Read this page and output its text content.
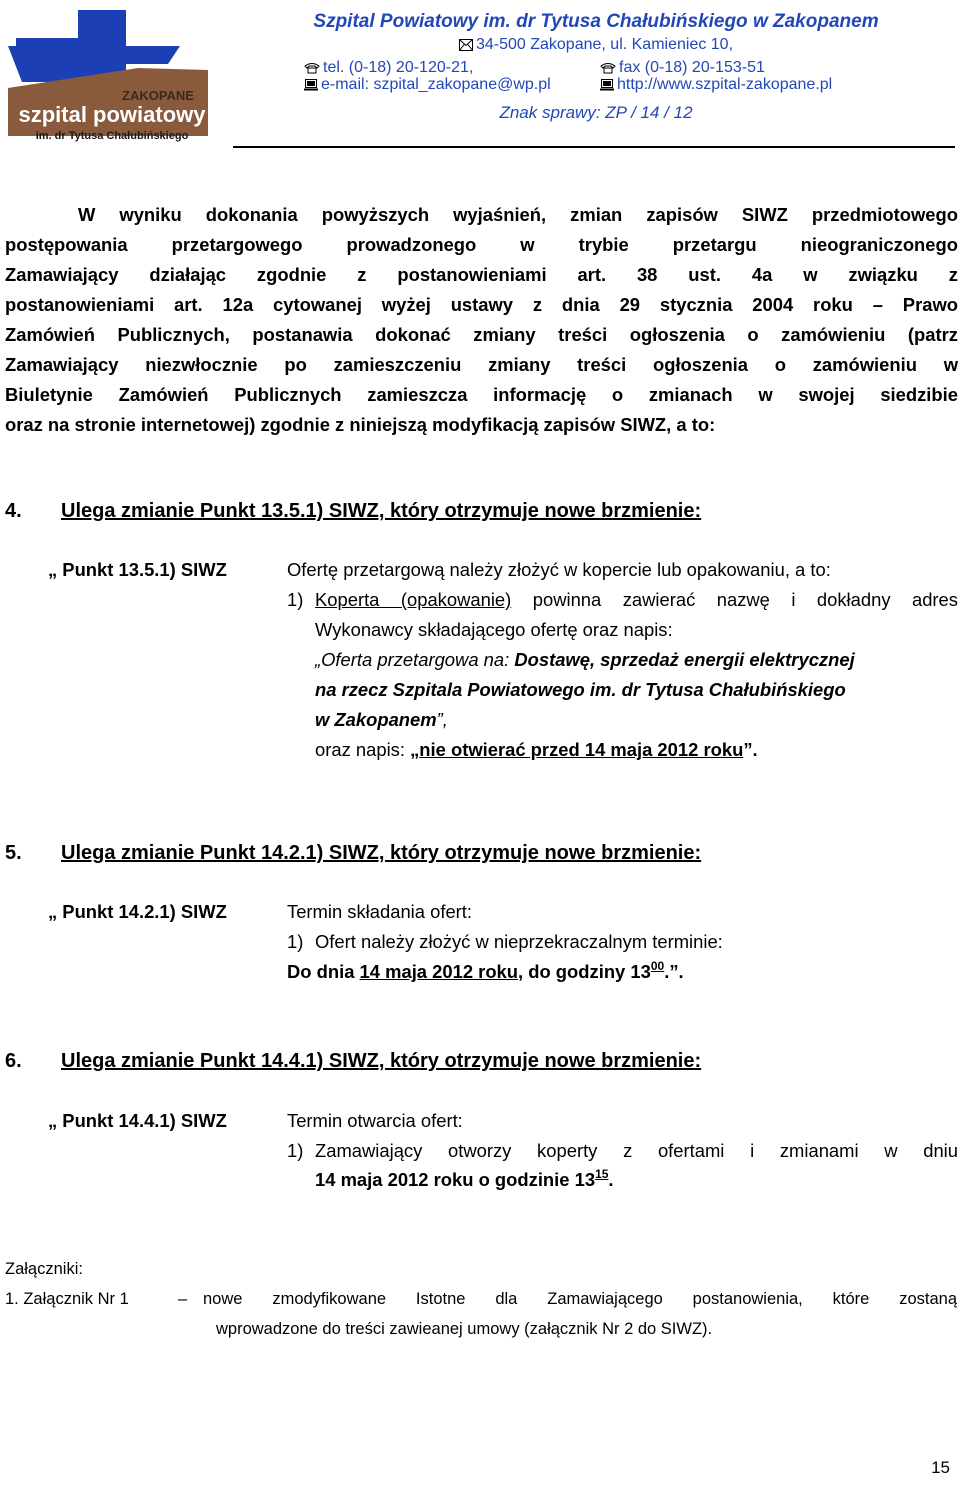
ZAKOPANE
szpital powiatowy
im. dr Tytusa Chałubińskiego
Szpital Powiatowy im. dr Tytusa Chałubińskiego w Zakopanem
34-500 Zakopane, ul. Kamieniec 10,
tel. (0-18) 20-120-21,	fax (0-18) 20-153-51
e-mail: szpital_zakopane@wp.pl	http://www.szpital-zakopane.pl
Znak sprawy: ZP / 14 / 12
W wyniku dokonania powyższych wyjaśnień, zmian zapisów SIWZ przedmiotowego
postępowania przetargowego prowadzonego w trybie przetargu nieograniczonego
Zamawiający działając zgodnie z postanowieniami art. 38 ust. 4a w związku z
postanowieniami art. 12a cytowanej wyżej ustawy z dnia 29 stycznia 2004 roku – Prawo
Zamówień Publicznych, postanawia dokonać zmiany treści ogłoszenia o zamówieniu (patrz
Zamawiający niezwłocznie po zamieszczeniu zmiany treści ogłoszenia o zamówieniu w
Biuletynie Zamówień Publicznych zamieszcza informację o zmianach w swojej siedzibie
oraz na stronie internetowej) zgodnie z niniejszą modyfikacją zapisów SIWZ, a to:
4. Ulega zmianie Punkt 13.5.1) SIWZ, który otrzymuje nowe brzmienie:
„ Punkt 13.5.1) SIWZ	Ofertę przetargową należy złożyć w kopercie lub opakowaniu, a to:
1) Koperta (opakowanie) powinna zawierać nazwę i dokładny adres
Wykonawcy składającego ofertę oraz napis:
„Oferta przetargowa na: Dostawę, sprzedaż energii elektrycznej
na rzecz Szpitala Powiatowego im. dr Tytusa Chałubińskiego
w Zakopanem”,
oraz napis: „nie otwierać przed 14 maja 2012 roku”.
5. Ulega zmianie Punkt 14.2.1) SIWZ, który otrzymuje nowe brzmienie:
„ Punkt 14.2.1) SIWZ	Termin składania ofert:
1) Ofert należy złożyć w nieprzekraczalnym terminie:
Do dnia 14 maja 2012 roku, do godziny $13^{00}$.”.
6. Ulega zmianie Punkt 14.4.1) SIWZ, który otrzymuje nowe brzmienie:
„ Punkt 14.4.1) SIWZ	Termin otwarcia ofert:
1) Zamawiający otworzy koperty z ofertami i zmianami w dniu
14 maja 2012 roku o godzinie $13^{15}$.
Załączniki:
1. Załącznik Nr 1	– nowe zmodyfikowane Istotne dla Zamawiającego postanowienia, które zostaną
wprowadzone do treści zawieanej umowy (załącznik Nr 2 do SIWZ).
15
